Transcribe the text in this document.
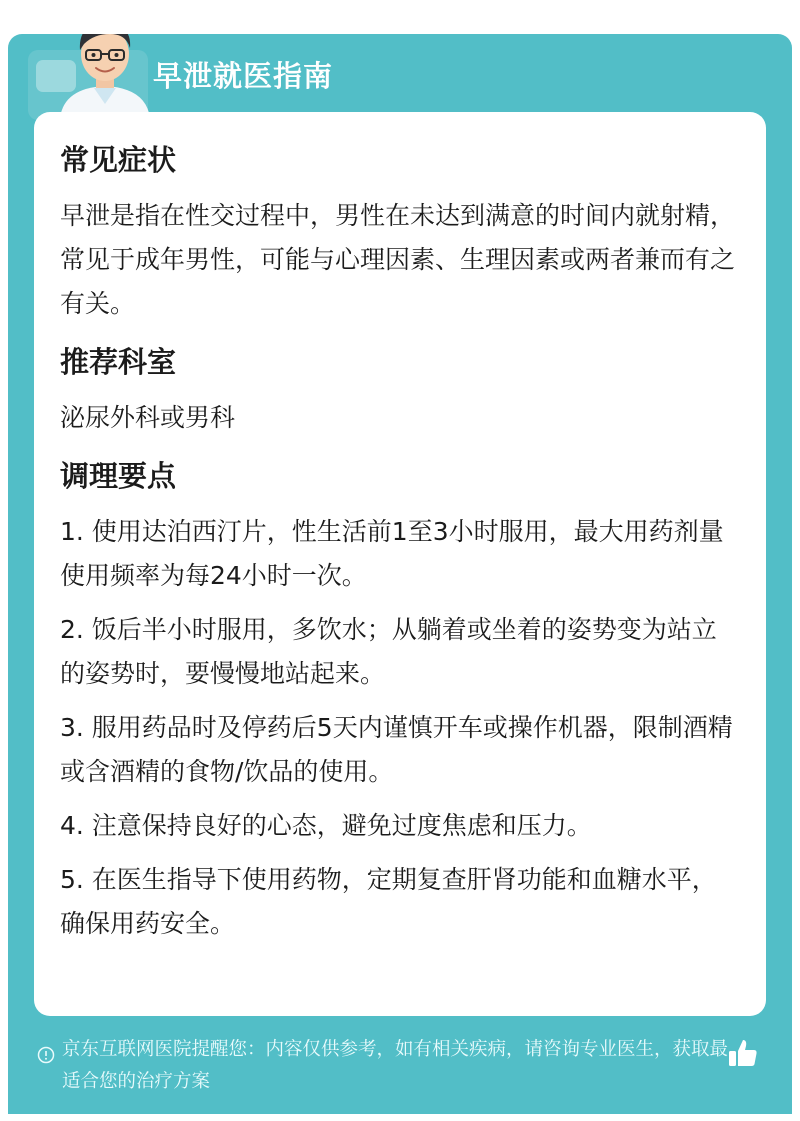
早泄就医指南
常见症状

早泄是指在性交过程中，男性在未达到满意的时间内就射精，常见于成年男性，可能与心理因素、生理因素或两者兼而有之有关。

推荐科室

泌尿外科或男科

调理要点

1. 使用达泊西汀片，性生活前1至3小时服用，最大用药剂量使用频率为每24小时一次。

2. 饭后半小时服用，多饮水；从躺着或坐着的姿势变为站立的姿势时，要慢慢地站起来。

3. 服用药品时及停药后5天内谨慎开车或操作机器，限制酒精或含酒精的食物/饮品的使用。

4. 注意保持良好的心态，避免过度焦虑和压力。

5. 在医生指导下使用药物，定期复查肝肾功能和血糖水平，确保用药安全。

京东互联网医院提醒您：内容仅供参考，如有相关疾病，请咨询专业医生，获取最适合您的治疗方案
